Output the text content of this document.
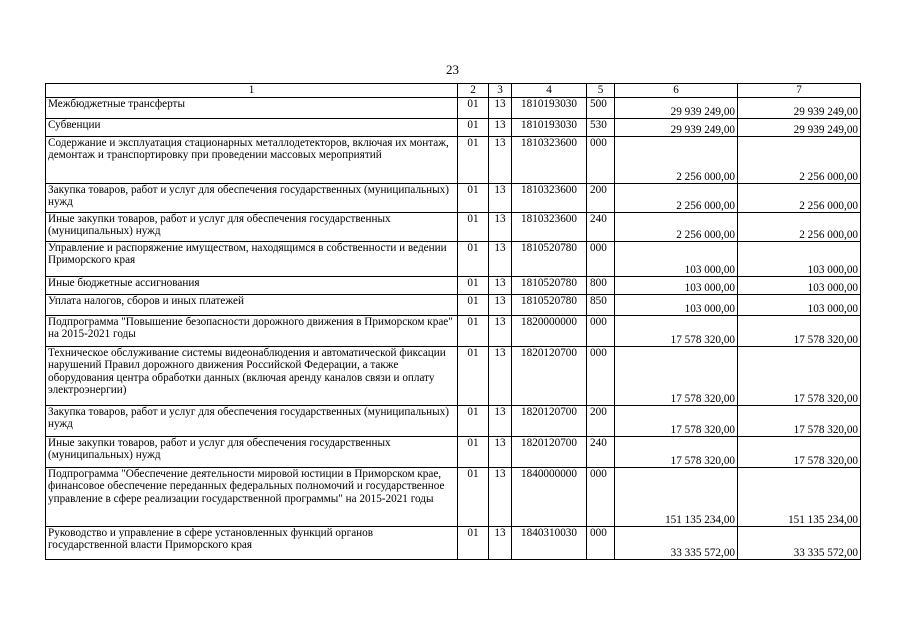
23
1	2	3	4	5	6	7
Межбюджетные трансферты	01	13	1810193030	500	29 939 249,00	29 939 249,00
Субвенции	01	13	1810193030	530	29 939 249,00	29 939 249,00
Содержание и эксплуатация стационарных металлодетекторов, включая их монтаж, демонтаж и транспортировку при проведении массовых мероприятий	01	13	1810323600	000	2 256 000,00	2 256 000,00
Закупка товаров, работ и услуг для обеспечения государственных (муниципальных) нужд	01	13	1810323600	200	2 256 000,00	2 256 000,00
Иные закупки товаров, работ и услуг для обеспечения государственных (муниципальных) нужд	01	13	1810323600	240	2 256 000,00	2 256 000,00
Управление и распоряжение имуществом, находящимся в собственности и ведении Приморского края	01	13	1810520780	000	103 000,00	103 000,00
Иные бюджетные ассигнования	01	13	1810520780	800	103 000,00	103 000,00
Уплата налогов, сборов и иных платежей	01	13	1810520780	850	103 000,00	103 000,00
Подпрограмма "Повышение безопасности дорожного движения в Приморском крае" на 2015-2021 годы	01	13	1820000000	000	17 578 320,00	17 578 320,00
Техническое обслуживание системы видеонаблюдения и автоматической фиксации нарушений Правил дорожного движения Российской Федерации, а также оборудования центра обработки данных (включая аренду каналов связи и оплату электроэнергии)	01	13	1820120700	000	17 578 320,00	17 578 320,00
Закупка товаров, работ и услуг для обеспечения государственных (муниципальных) нужд	01	13	1820120700	200	17 578 320,00	17 578 320,00
Иные закупки товаров, работ и услуг для обеспечения государственных (муниципальных) нужд	01	13	1820120700	240	17 578 320,00	17 578 320,00
Подпрограмма "Обеспечение деятельности мировой юстиции в Приморском крае, финансовое обеспечение переданных федеральных полномочий и государственное управление в сфере реализации государственной программы" на 2015-2021 годы	01	13	1840000000	000	151 135 234,00	151 135 234,00
Руководство и управление в сфере установленных функций органов государственной власти Приморского края	01	13	1840310030	000	33 335 572,00	33 335 572,00
